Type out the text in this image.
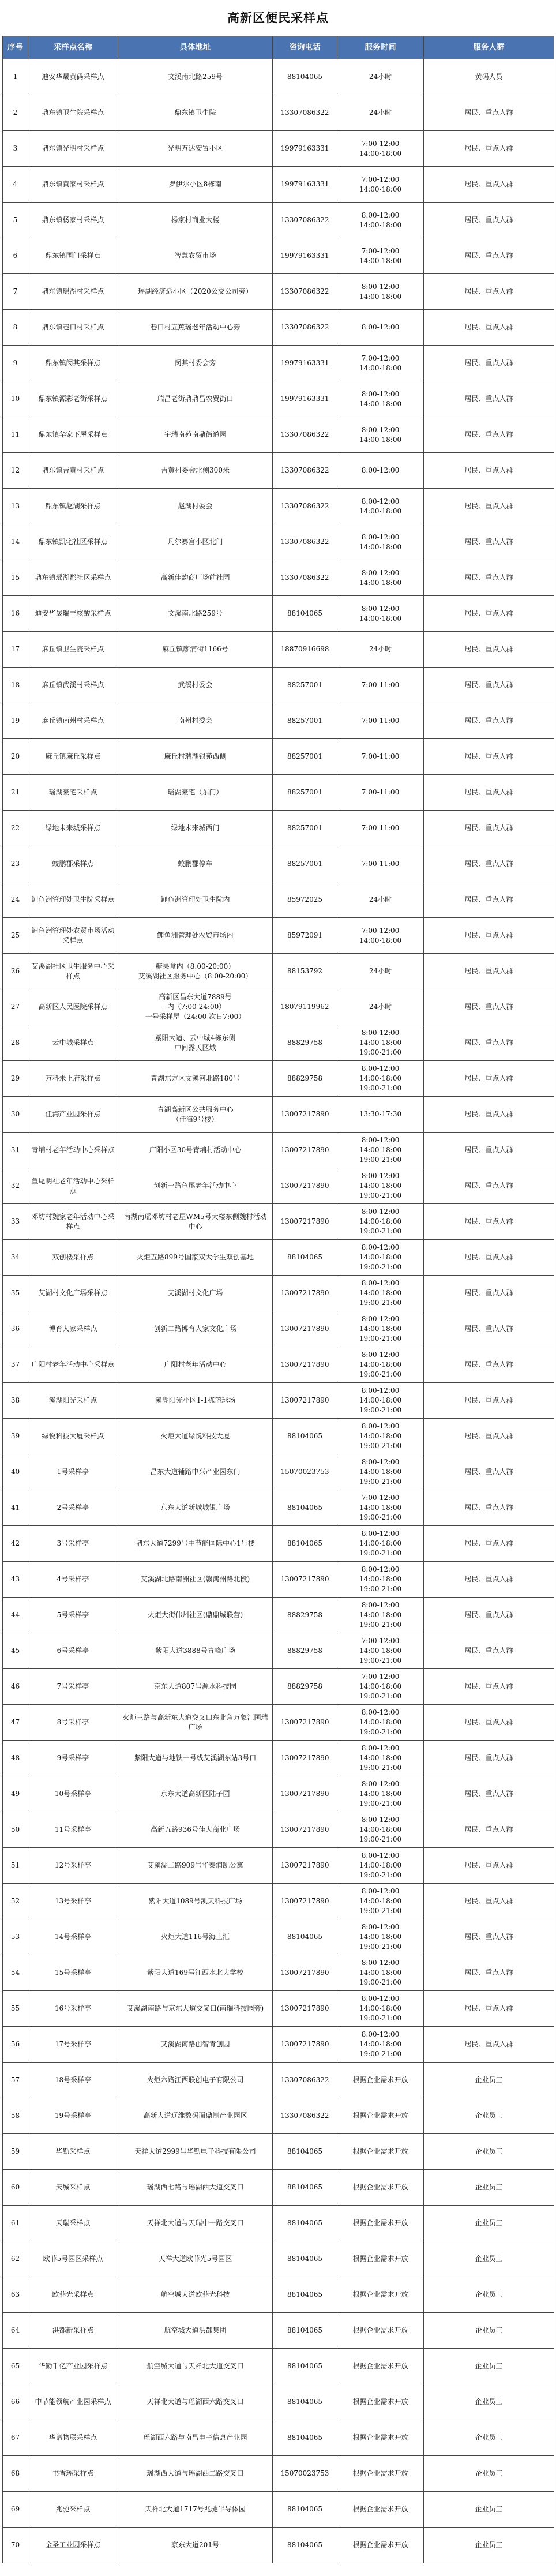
高新区便民采样点
序号	采样点名称	具体地址	咨询电话	服务时间	服务人群
1	迪安华晟黄码采样点	文溪南北路259号	88104065	24小时	黄码人员
2	鼎东镇卫生院采样点	鼎东镇卫生院	13307086322	24小时	居民、重点人群
3	鼎东镇光明村采样点	光明万达安置小区	19979163331	7:00-12:00
14:00-18:00	居民、重点人群
4	鼎东镇黄家村采样点	罗伊尔小区8栋南	19979163331	7:00-12:00
14:00-18:00	居民、重点人群
5	鼎东镇杨家村采样点	杨家村商业大楼	13307086322	8:00-12:00
14:00-18:00	居民、重点人群
6	鼎东镇围门采样点	智慧农贸市场	19979163331	7:00-12:00
14:00-18:00	居民、重点人群
7	鼎东镇瑶湖村采样点	瑶湖经济适小区（2020公交公司旁）	13307086322	8:00-12:00
14:00-18:00	居民、重点人群
8	鼎东镇巷口村采样点	巷口村五蕉瑶老年活动中心旁	13307086322	8:00-12:00	居民、重点人群
9	鼎东镇闵其采样点	闵其村委会旁	19979163331	7:00-12:00
14:00-18:00	居民、重点人群
10	鼎东镇源彩老街采样点	瑞昌老街鼎鼎昌农贸街口	19979163331	8:00-12:00
14:00-18:00	居民、重点人群
11	鼎东镇华家下屋采样点	宇瑞南苑南鼎街道园	13307086322	8:00-12:00
14:00-18:00	居民、重点人群
12	鼎东镇吉黄村采样点	吉黄村委会北侧300米	13307086322	8:00-12:00	居民、重点人群
13	鼎东镇赵湖采样点	赵湖村委会	13307086322	8:00-12:00
14:00-18:00	居民、重点人群
14	鼎东镇凯宅社区采样点	凡尔赛宫小区北门	13307086322	8:00-12:00
14:00-18:00	居民、重点人群
15	鼎东镇瑶湖郡社区采样点	高新佳韵商厂场前社园	13307086322	8:00-12:00
14:00-18:00	居民、重点人群
16	迪安华晟瑞丰核酸采样点	文溪南北路259号	88104065	8:00-12:00
14:00-18:00	居民、重点人群
17	麻丘镇卫生院采样点	麻丘镇廖浦街1166号	18870916698	24小时	居民、重点人群
18	麻丘镇武溪村采样点	武溪村委会	88257001	7:00-11:00	居民、重点人群
19	麻丘镇南州村采样点	南州村委会	88257001	7:00-11:00	居民、重点人群
20	麻丘镇麻丘采样点	麻丘村瑞湖银苑西侧	88257001	7:00-11:00	居民、重点人群
21	瑶湖豪宅采样点	瑶湖豪宅（东门）	88257001	7:00-11:00	居民、重点人群
22	绿地未来城采样点	绿地未来城西门	88257001	7:00-11:00	居民、重点人群
23	蛟鹏郡采样点	蛟鹏郡停车	88257001	7:00-11:00	居民、重点人群
24	鲤鱼洲管理处卫生院采样点	鲤鱼洲管理处卫生院内	85972025	24小时	居民、重点人群
25	鲤鱼洲管理处农贸市场活动采样点	鲤鱼洲管理处农贸市场内	85972091	7:00-12:00
14:00-18:00	居民、重点人群
26	艾溪湖社区卫生服务中心采样点	糖果盒内（8:00-20:00）
艾溪湖社区服务中心（8:00-20:00）	88153792	24小时	居民、重点人群
27	高新区人民医院采样点	高新区昌东大道7889号
-内（7:00-24:00）
一号采样屋（24:00-次日7:00）	18079119962	24小时	居民、重点人群
28	云中城采样点	紫阳大道、云中城4栋东侧
中间露天区域	88829758	8:00-12:00
14:00-18:00
19:00-21:00	居民、重点人群
29	万科未上府采样点	青湖东方区文溪河北路180号	88829758	8:00-12:00
14:00-18:00
19:00-21:00	居民、重点人群
30	佳海产业园采样点	青湖高新区公共服务中心
（佳海9号楼）	13007217890	13:30-17:30	居民、重点人群
31	青埔村老年活动中心采样点	广阳小区30号青埔村活动中心	13007217890	8:00-12:00
14:00-18:00
19:00-21:00	居民、重点人群
32	鱼尾明社老年活动中心采样点	创新一路鱼尾老年活动中心	13007217890	8:00-12:00
14:00-18:00
19:00-21:00	居民、重点人群
33	邓坊村魏家老年活动中心采样点	南湖南瑶邓坊村老屋WM5号大楼东侧魏村活动中心	13007217890	8:00-12:00
14:00-18:00
19:00-21:00	居民、重点人群
34	双创楼采样点	火炬五路899号国家双大学生双创基地	88104065	8:00-12:00
14:00-18:00
19:00-21:00	居民、重点人群
35	艾湖村文化广场采样点	艾溪湖村文化广场	13007217890	8:00-12:00
14:00-18:00
19:00-21:00	居民、重点人群
36	博育人家采样点	创新二路博育人家文化广场	13007217890	8:00-12:00
14:00-18:00
19:00-21:00	居民、重点人群
37	广阳村老年活动中心采样点	广阳村老年活动中心	13007217890	8:00-12:00
14:00-18:00
19:00-21:00	居民、重点人群
38	溪湖阳光采样点	溪湖阳光小区1-1栋篮球场	13007217890	8:00-12:00
14:00-18:00
19:00-21:00	居民、重点人群
39	绿悦科技大厦采样点	火炬大道绿悦科技大厦	88104065	8:00-12:00
14:00-18:00
19:00-21:00	居民、重点人群
40	1号采样亭	昌东大道辅路中兴产业园东门	15070023753	8:00-12:00
14:00-18:00
19:00-21:00	居民、重点人群
41	2号采样亭	京东大道新城城银广场	88104065	7:00-12:00
14:00-18:00
19:00-21:00	居民、重点人群
42	3号采样亭	鼎东大道7299号中节能国际中心1号楼	88104065	8:00-12:00
14:00-18:00
19:00-21:00	居民、重点人群
43	4号采样亭	艾溪湖北路南洲社区(赣鸿州路北段)	13007217890	8:00-12:00
14:00-18:00
19:00-21:00	居民、重点人群
44	5号采样亭	火炬大街伟州社区(鼎鼎城联营)	88829758	8:00-12:00
14:00-18:00
19:00-21:00	居民、重点人群
45	6号采样亭	紫阳大道3888号青峰广场	88829758	7:00-12:00
14:00-18:00
19:00-21:00	居民、重点人群
46	7号采样亭	京东大道807号源水科技园	88829758	7:00-12:00
14:00-18:00
19:00-21:00	居民、重点人群
47	8号采样亭	火炬三路与高新东大道交叉口东北角万象汇国瑞广场	13007217890	8:00-12:00
14:00-18:00
19:00-21:00	居民、重点人群
48	9号采样亭	紫阳大道与地铁一号线艾溪湖东站3号口	13007217890	8:00-12:00
14:00-18:00
19:00-21:00	居民、重点人群
49	10号采样亭	京东大道高新区陆子园	13007217890	8:00-12:00
14:00-18:00
19:00-21:00	居民、重点人群
50	11号采样亭	高新五路936号佳大商业广场	13007217890	8:00-12:00
14:00-18:00
19:00-21:00	居民、重点人群
51	12号采样亭	艾溪湖二路909号华泰润凯公寓	13007217890	8:00-12:00
14:00-18:00
19:00-21:00	居民、重点人群
52	13号采样亭	紫阳大道1089号凯天科技广场	13007217890	8:00-12:00
14:00-18:00
19:00-21:00	居民、重点人群
53	14号采样亭	火炬大道116号海上汇	88104065	8:00-12:00
14:00-18:00
19:00-21:00	居民、重点人群
54	15号采样亭	紫阳大道169号江西水北大学校	13007217890	8:00-12:00
14:00-18:00
19:00-21:00	居民、重点人群
55	16号采样亭	艾溪湖南路与京东大道交叉口(南瑞科技园旁)	13007217890	8:00-12:00
14:00-18:00
19:00-21:00	居民、重点人群
56	17号采样亭	艾溪湖南路创智青创园	13007217890	8:00-12:00
14:00-18:00
19:00-21:00	居民、重点人群
57	18号采样亭	火炬六路江西联创电子有限公司	13307086322	根据企业需求开放	企业员工
58	19号采样亭	高新大道辽维数码面鼎制产业园区	13307086322	根据企业需求开放	企业员工
59	华勤采样点	天祥大道2999号华勤电子科技有限公司	88104065	根据企业需求开放	企业员工
60	天城采样点	瑶湖西七路与瑶湖西大道交叉口	88104065	根据企业需求开放	企业员工
61	天瑞采样点	天祥北大道与天瑞中一路交叉口	88104065	根据企业需求开放	企业员工
62	欧菲5号园区采样点	天祥大道欧菲光5号园区	88104065	根据企业需求开放	企业员工
63	欧菲光采样点	航空城大道欧菲光科技	88104065	根据企业需求开放	企业员工
64	洪都新采样点	航空城大道洪都集团	88104065	根据企业需求开放	企业员工
65	华勤千亿产业园采样点	航空城大道与天祥北大道交叉口	88104065	根据企业需求开放	企业员工
66	中节能领航产业园采样点	天祥北大道与瑶湖西六路交叉口	88104065	根据企业需求开放	企业员工
67	华谱物联采样点	瑶湖西六路与南昌电子信息产业园	88104065	根据企业需求开放	企业员工
68	书香瑶采样点	瑶湖西大道与瑶湖西二路交叉口	15070023753	根据企业需求开放	企业员工
69	兆驰采样点	天祥北大道1717号兆驰半导体园	88104065	根据企业需求开放	企业员工
70	金圣工业园采样点	京东大道201号	88104065	根据企业需求开放	企业员工
